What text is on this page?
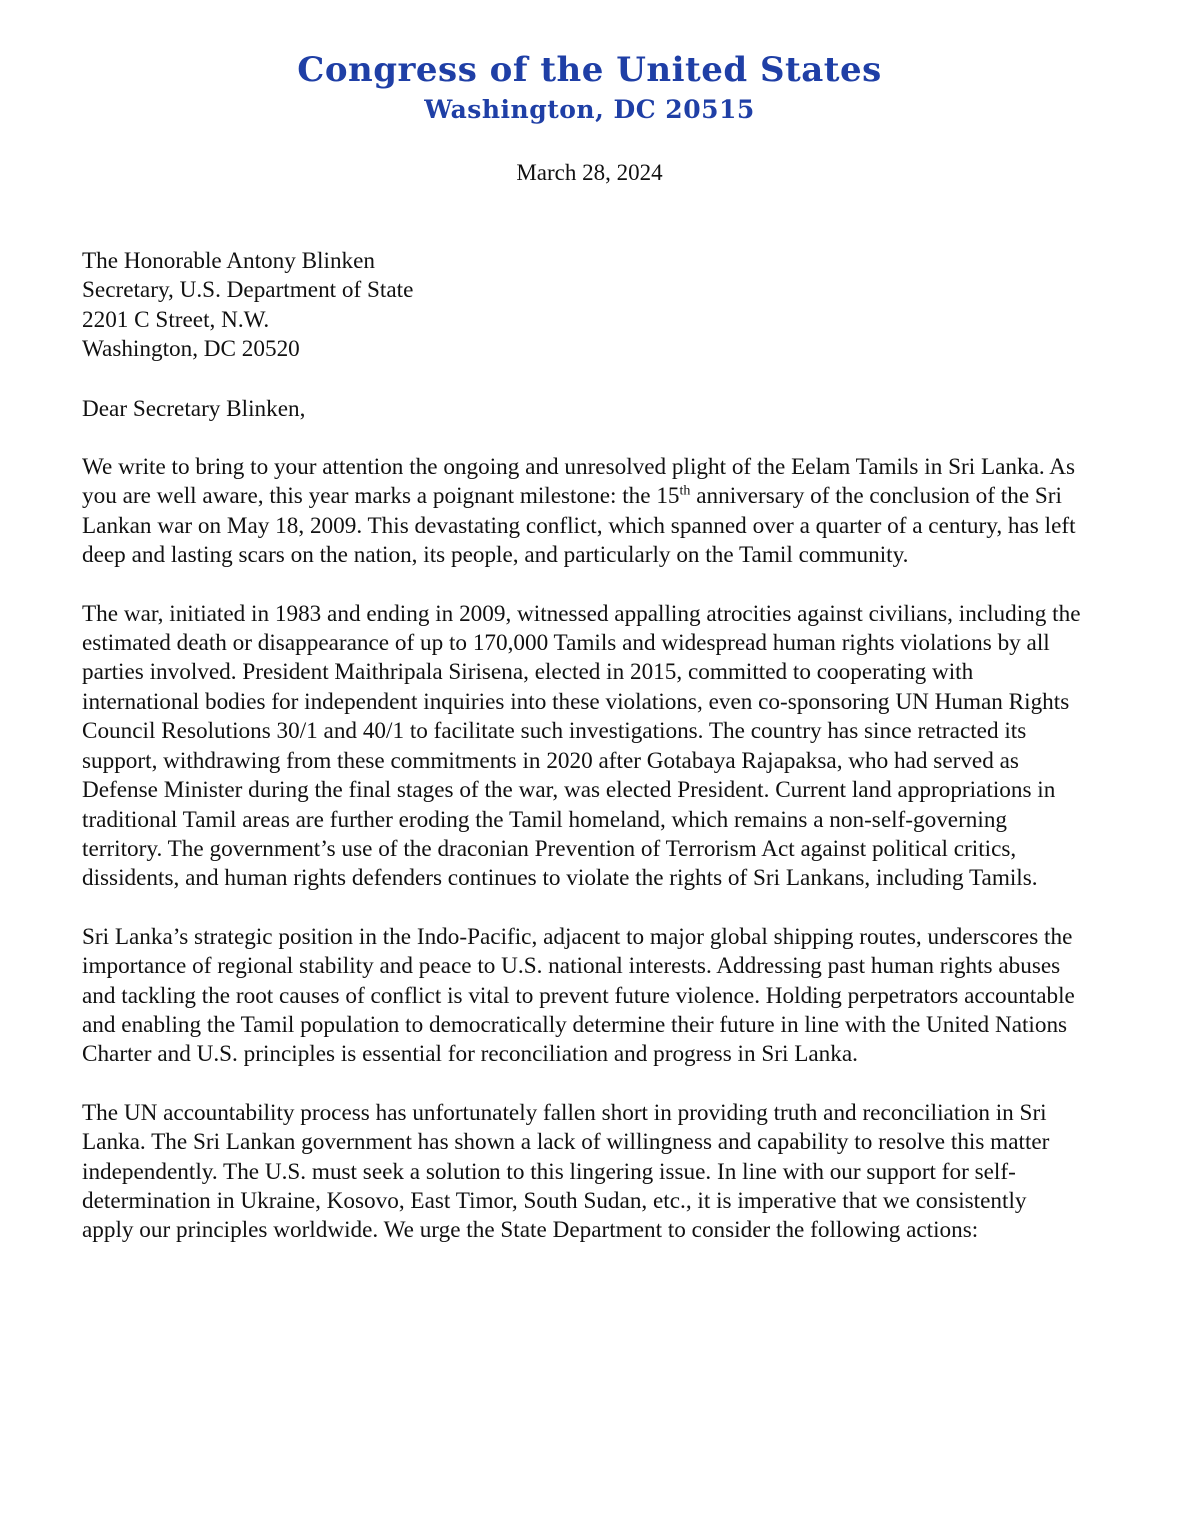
Congress of the United States
Washington, DC 20515
March 28, 2024
The Honorable Antony Blinken
Secretary, U.S. Department of State
2201 C Street, N.W.
Washington, DC 20520
Dear Secretary Blinken,

We write to bring to your attention the ongoing and unresolved plight of the Eelam Tamils in Sri Lanka. As you are well aware, this year marks a poignant milestone: the 15th anniversary of the conclusion of the Sri Lankan war on May 18, 2009. This devastating conflict, which spanned over a quarter of a century, has left deep and lasting scars on the nation, its people, and particularly on the Tamil community.

The war, initiated in 1983 and ending in 2009, witnessed appalling atrocities against civilians, including the estimated death or disappearance of up to 170,000 Tamils and widespread human rights violations by all parties involved. President Maithripala Sirisena, elected in 2015, committed to cooperating with international bodies for independent inquiries into these violations, even co-sponsoring UN Human Rights Council Resolutions 30/1 and 40/1 to facilitate such investigations. The country has since retracted its support, withdrawing from these commitments in 2020 after Gotabaya Rajapaksa, who had served as Defense Minister during the final stages of the war, was elected President. Current land appropriations in traditional Tamil areas are further eroding the Tamil homeland, which remains a non-self-governing territory. The government’s use of the draconian Prevention of Terrorism Act against political critics, dissidents, and human rights defenders continues to violate the rights of Sri Lankans, including Tamils.

Sri Lanka’s strategic position in the Indo-Pacific, adjacent to major global shipping routes, underscores the importance of regional stability and peace to U.S. national interests. Addressing past human rights abuses and tackling the root causes of conflict is vital to prevent future violence. Holding perpetrators accountable and enabling the Tamil population to democratically determine their future in line with the United Nations Charter and U.S. principles is essential for reconciliation and progress in Sri Lanka.

The UN accountability process has unfortunately fallen short in providing truth and reconciliation in Sri Lanka. The Sri Lankan government has shown a lack of willingness and capability to resolve this matter independently. The U.S. must seek a solution to this lingering issue. In line with our support for self-determination in Ukraine, Kosovo, East Timor, South Sudan, etc., it is imperative that we consistently apply our principles worldwide. We urge the State Department to consider the following actions:
